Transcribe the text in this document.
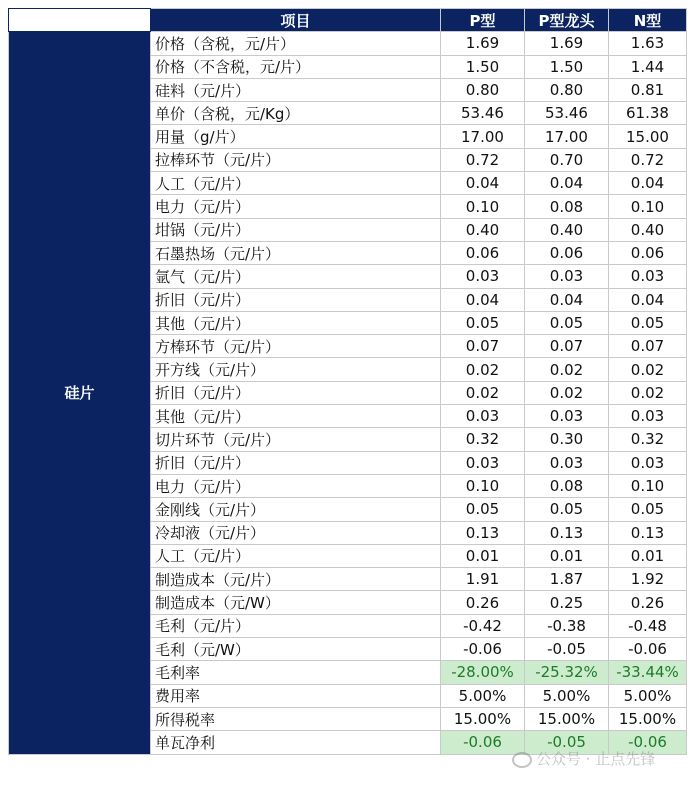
	项目	P型	P型龙头	N型
硅片	价格（含税，元/片）	1.69	1.69	1.63
	价格（不含税，元/片）	1.50	1.50	1.44
	硅料（元/片）	0.80	0.80	0.81
	单价（含税，元/Kg）	53.46	53.46	61.38
	用量（g/片）	17.00	17.00	15.00
	拉棒环节（元/片）	0.72	0.70	0.72
	人工（元/片）	0.04	0.04	0.04
	电力（元/片）	0.10	0.08	0.10
	坩锅（元/片）	0.40	0.40	0.40
	石墨热场（元/片）	0.06	0.06	0.06
	氩气（元/片）	0.03	0.03	0.03
	折旧（元/片）	0.04	0.04	0.04
	其他（元/片）	0.05	0.05	0.05
	方棒环节（元/片）	0.07	0.07	0.07
	开方线（元/片）	0.02	0.02	0.02
	折旧（元/片）	0.02	0.02	0.02
	其他（元/片）	0.03	0.03	0.03
	切片环节（元/片）	0.32	0.30	0.32
	折旧（元/片）	0.03	0.03	0.03
	电力（元/片）	0.10	0.08	0.10
	金刚线（元/片）	0.05	0.05	0.05
	冷却液（元/片）	0.13	0.13	0.13
	人工（元/片）	0.01	0.01	0.01
	制造成本（元/片）	1.91	1.87	1.92
	制造成本（元/W）	0.26	0.25	0.26
	毛利（元/片）	-0.42	-0.38	-0.48
	毛利（元/W）	-0.06	-0.05	-0.06
	毛利率	-28.00%	-25.32%	-33.44%
	费用率	5.00%	5.00%	5.00%
	所得税率	15.00%	15.00%	15.00%
	单瓦净利	-0.06	-0.05	-0.06
公众号 · 止点先锋
